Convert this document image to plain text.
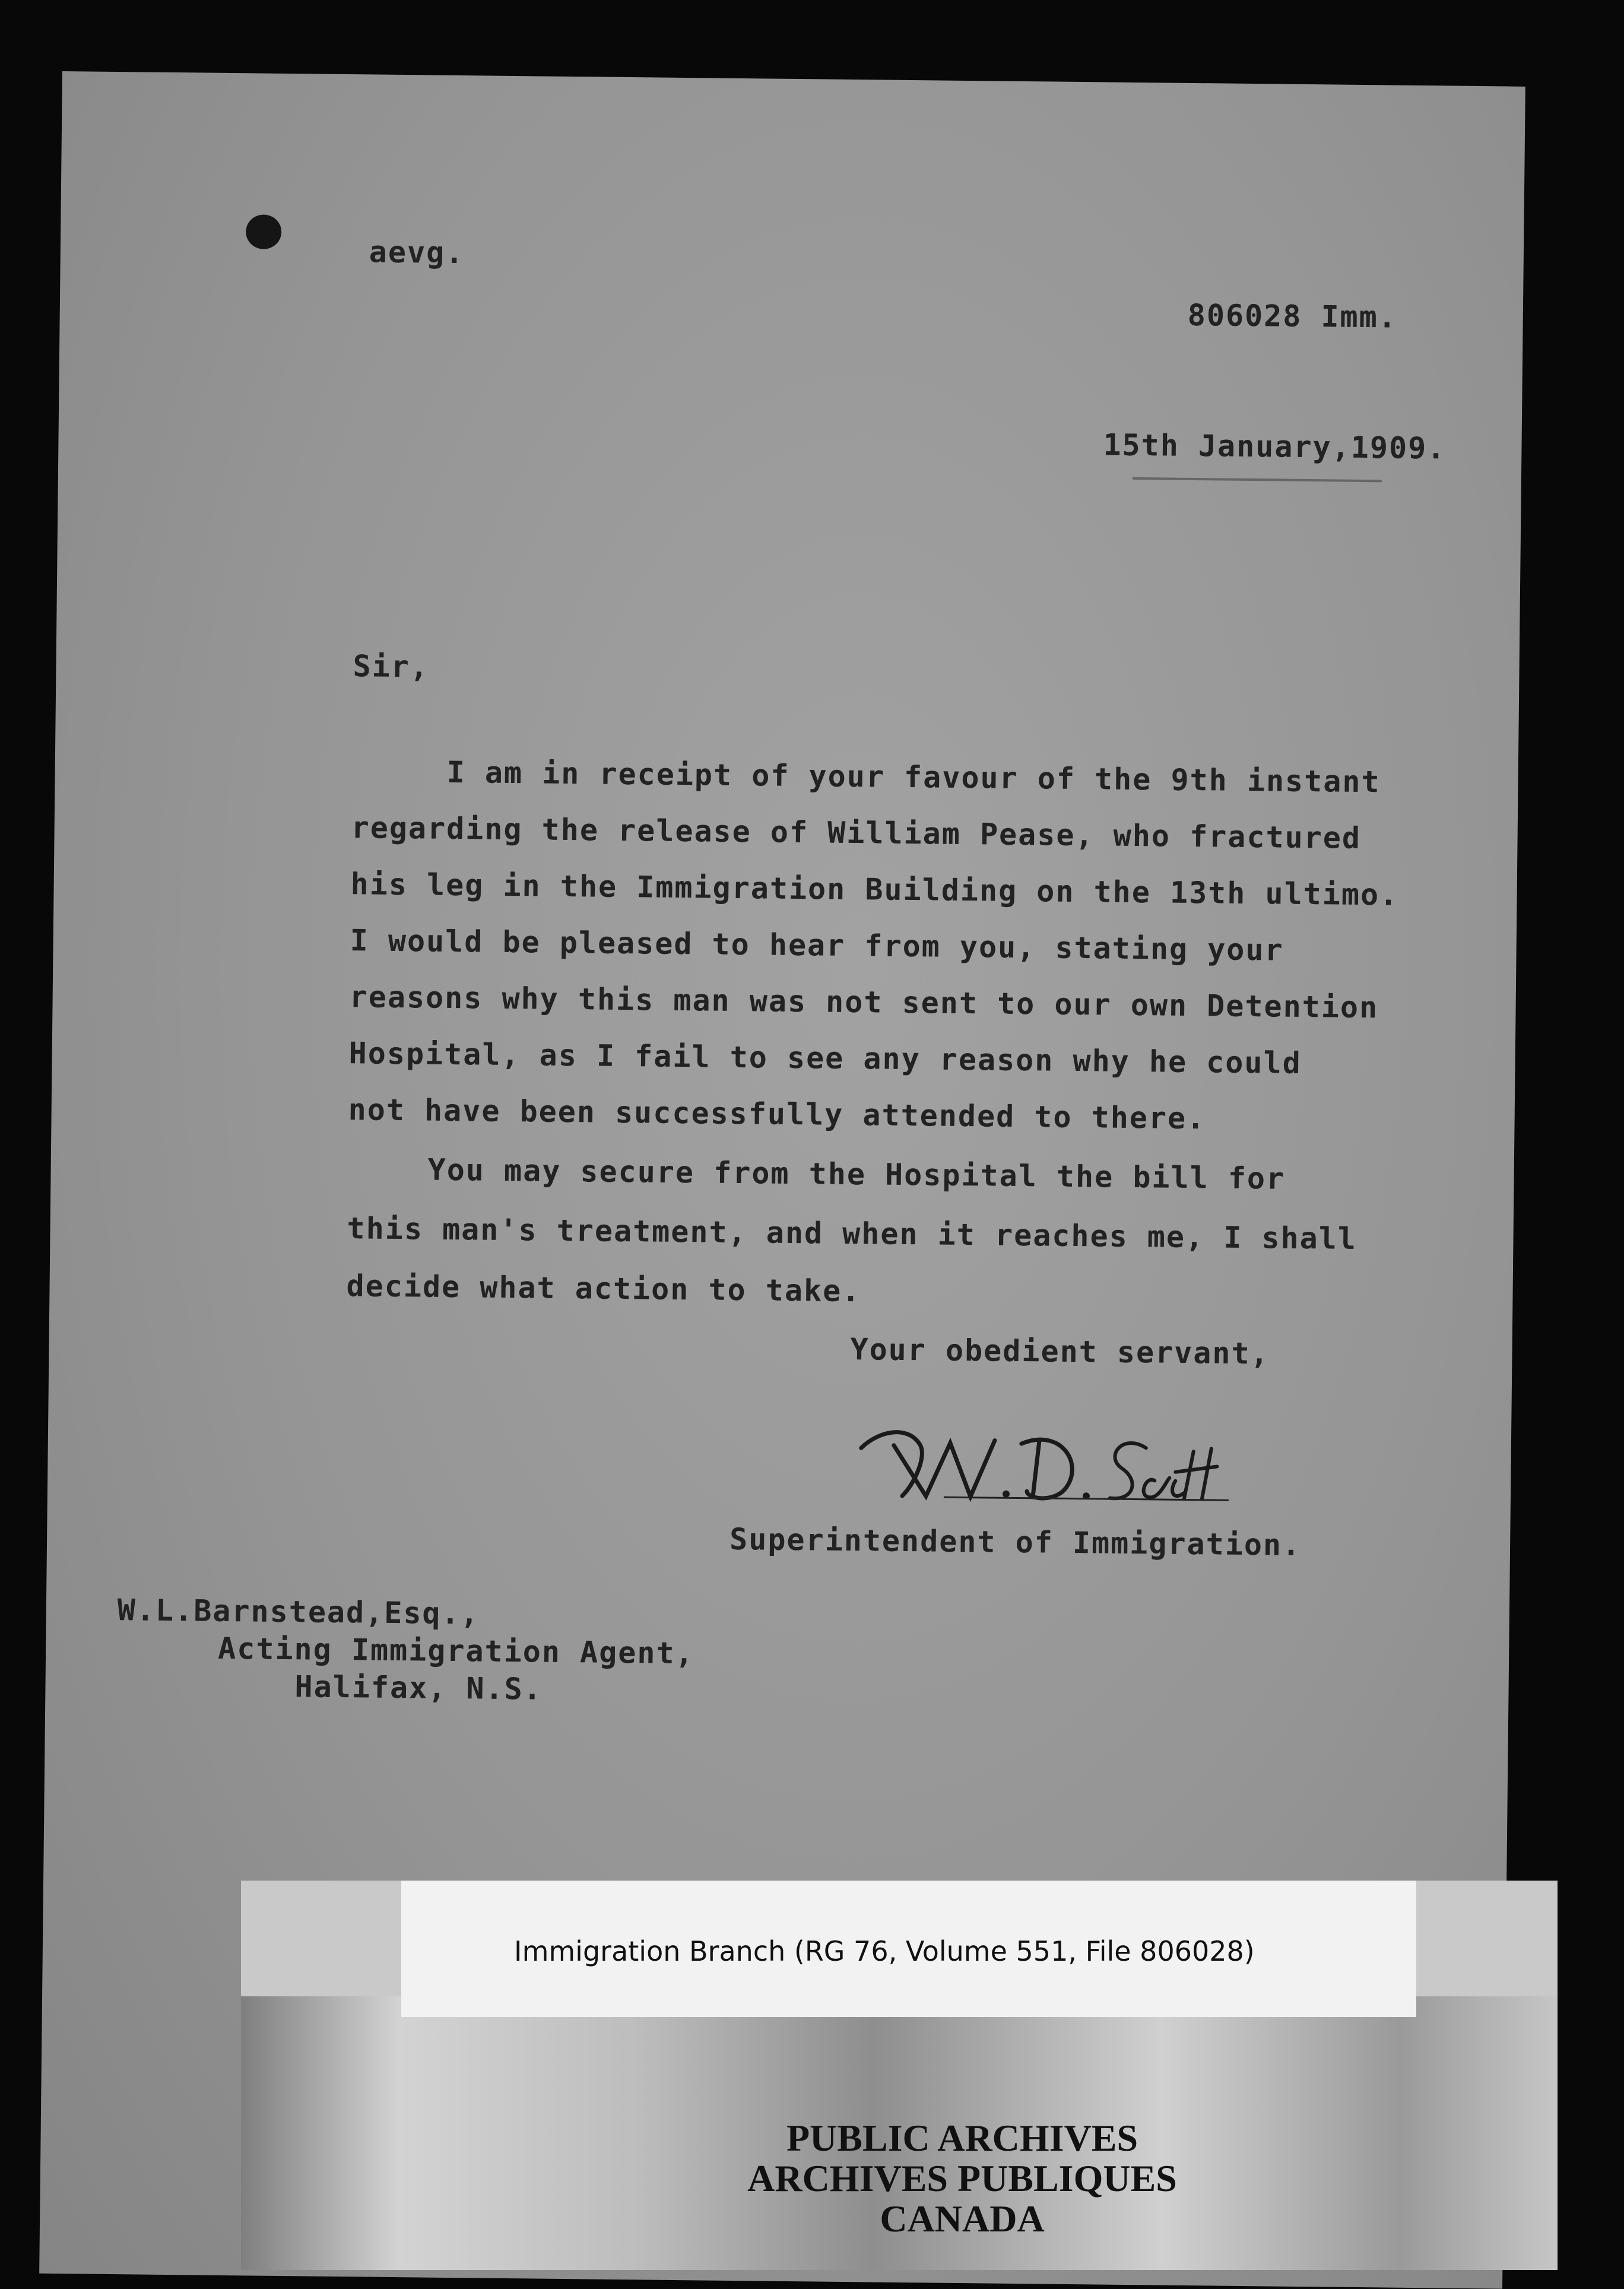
aevg.

806028 Imm.

15th January,1909.

Sir,

I am in receipt of your favour of the 9th instant

regarding the release of William Pease, who fractured

his leg in the Immigration Building on the 13th ultimo.

I would be pleased to hear from you, stating your

reasons why this man was not sent to our own Detention

Hospital, as I fail to see any reason why he could

not have been successfully attended to there.

You may secure from the Hospital the bill for

this man's treatment, and when it reaches me, I shall

decide what action to take.

Your obedient servant,

W.D. Scott

Superintendent of Immigration.

W.L.Barnstead,Esq.,

Acting Immigration Agent,

Halifax, N.S.

Immigration Branch (RG 76, Volume 551, File 806028)

PUBLIC ARCHIVES
ARCHIVES PUBLIQUES
CANADA
